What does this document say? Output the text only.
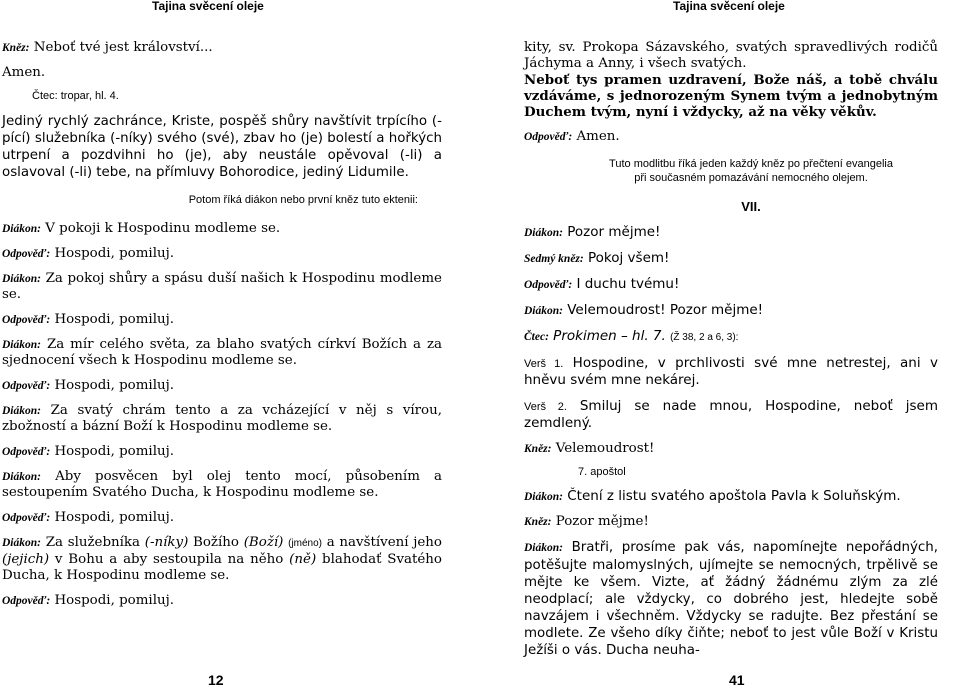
Tajina svěcení oleje

Kněz: Neboť tvé jest království...

Amen.

Čtec: tropar, hl. 4.

Jediný rychlý zachránce, Kriste, pospěš shůry navštívit trpícího (-pící) služebníka (-níky) svého (své), zbav ho (je) bolestí a hořkých utrpení a pozdvihni ho (je), aby neustále opěvoval (-li) a oslavoval (-li) tebe, na přímluvy Bohorodice, jediný Lidumile.

Potom říká diákon nebo první kněz tuto ektenii:

Diákon: V pokoji k Hospodinu modleme se.

Odpověď: Hospodi, pomiluj.

Diákon: Za pokoj shůry a spásu duší našich k Hospodinu modleme se.

Odpověď: Hospodi, pomiluj.

Diákon: Za mír celého světa, za blaho svatých církví Božích a za sjednocení všech k Hospodinu modleme se.

Odpověď: Hospodi, pomiluj.

Diákon: Za svatý chrám tento a za vcházející v něj s vírou, zbožností a bázní Boží k Hospodinu modleme se.

Odpověď: Hospodi, pomiluj.

Diákon: Aby posvěcen byl olej tento mocí, působením a sestoupením Svatého Ducha, k Hospodinu modleme se.

Odpověď: Hospodi, pomiluj.

Diákon: Za služebníka (-níky) Božího (Boží) (jméno) a navštívení jeho (jejich) v Bohu a aby sestoupila na něho (ně) blahodať Svatého Ducha, k Hospodinu modleme se.

Odpověď: Hospodi, pomiluj.

12
Tajina svěcení oleje

kity, sv. Prokopa Sázavského, svatých spravedlivých rodičů Jáchyma a Anny, i všech svatých.

Neboť tys pramen uzdravení, Bože náš, a tobě chválu vzdáváme, s jednorozeným Synem tvým a jednobytným Duchem tvým, nyní i vždycky, až na věky věkův.

Odpověď: Amen.

Tuto modlitbu říká jeden každý kněz po přečtení evangelia

při současném pomazávání nemocného olejem.

VII.

Diákon: Pozor mějme!

Sedmý kněz: Pokoj všem!

Odpověď: I duchu tvému!

Diákon: Velemoudrost! Pozor mějme!

Čtec: Prokimen – hl. 7. (Ž 38, 2 a 6, 3):

Verš 1. Hospodine, v prchlivosti své mne netrestej, ani v hněvu svém mne nekárej.

Verš 2. Smiluj se nade mnou, Hospodine, neboť jsem zemdlený.

Kněz: Velemoudrost!

7. apoštol

Diákon: Čtení z listu svatého apoštola Pavla k Soluňským.

Kněz: Pozor mějme!

Diákon: Bratři, prosíme pak vás, napomínejte nepořádných, potěšujte malomyslných, ujímejte se nemocných, trpělivě se mějte ke všem. Vizte, ať žádný žádnému zlým za zlé neodplací; ale vždycky, co dobrého jest, hledejte sobě navzájem i všechněm. Vždycky se radujte. Bez přestání se modlete. Ze všeho díky čiňte; neboť to jest vůle Boží v Kristu Ježíši o vás. Ducha neuha-

41
